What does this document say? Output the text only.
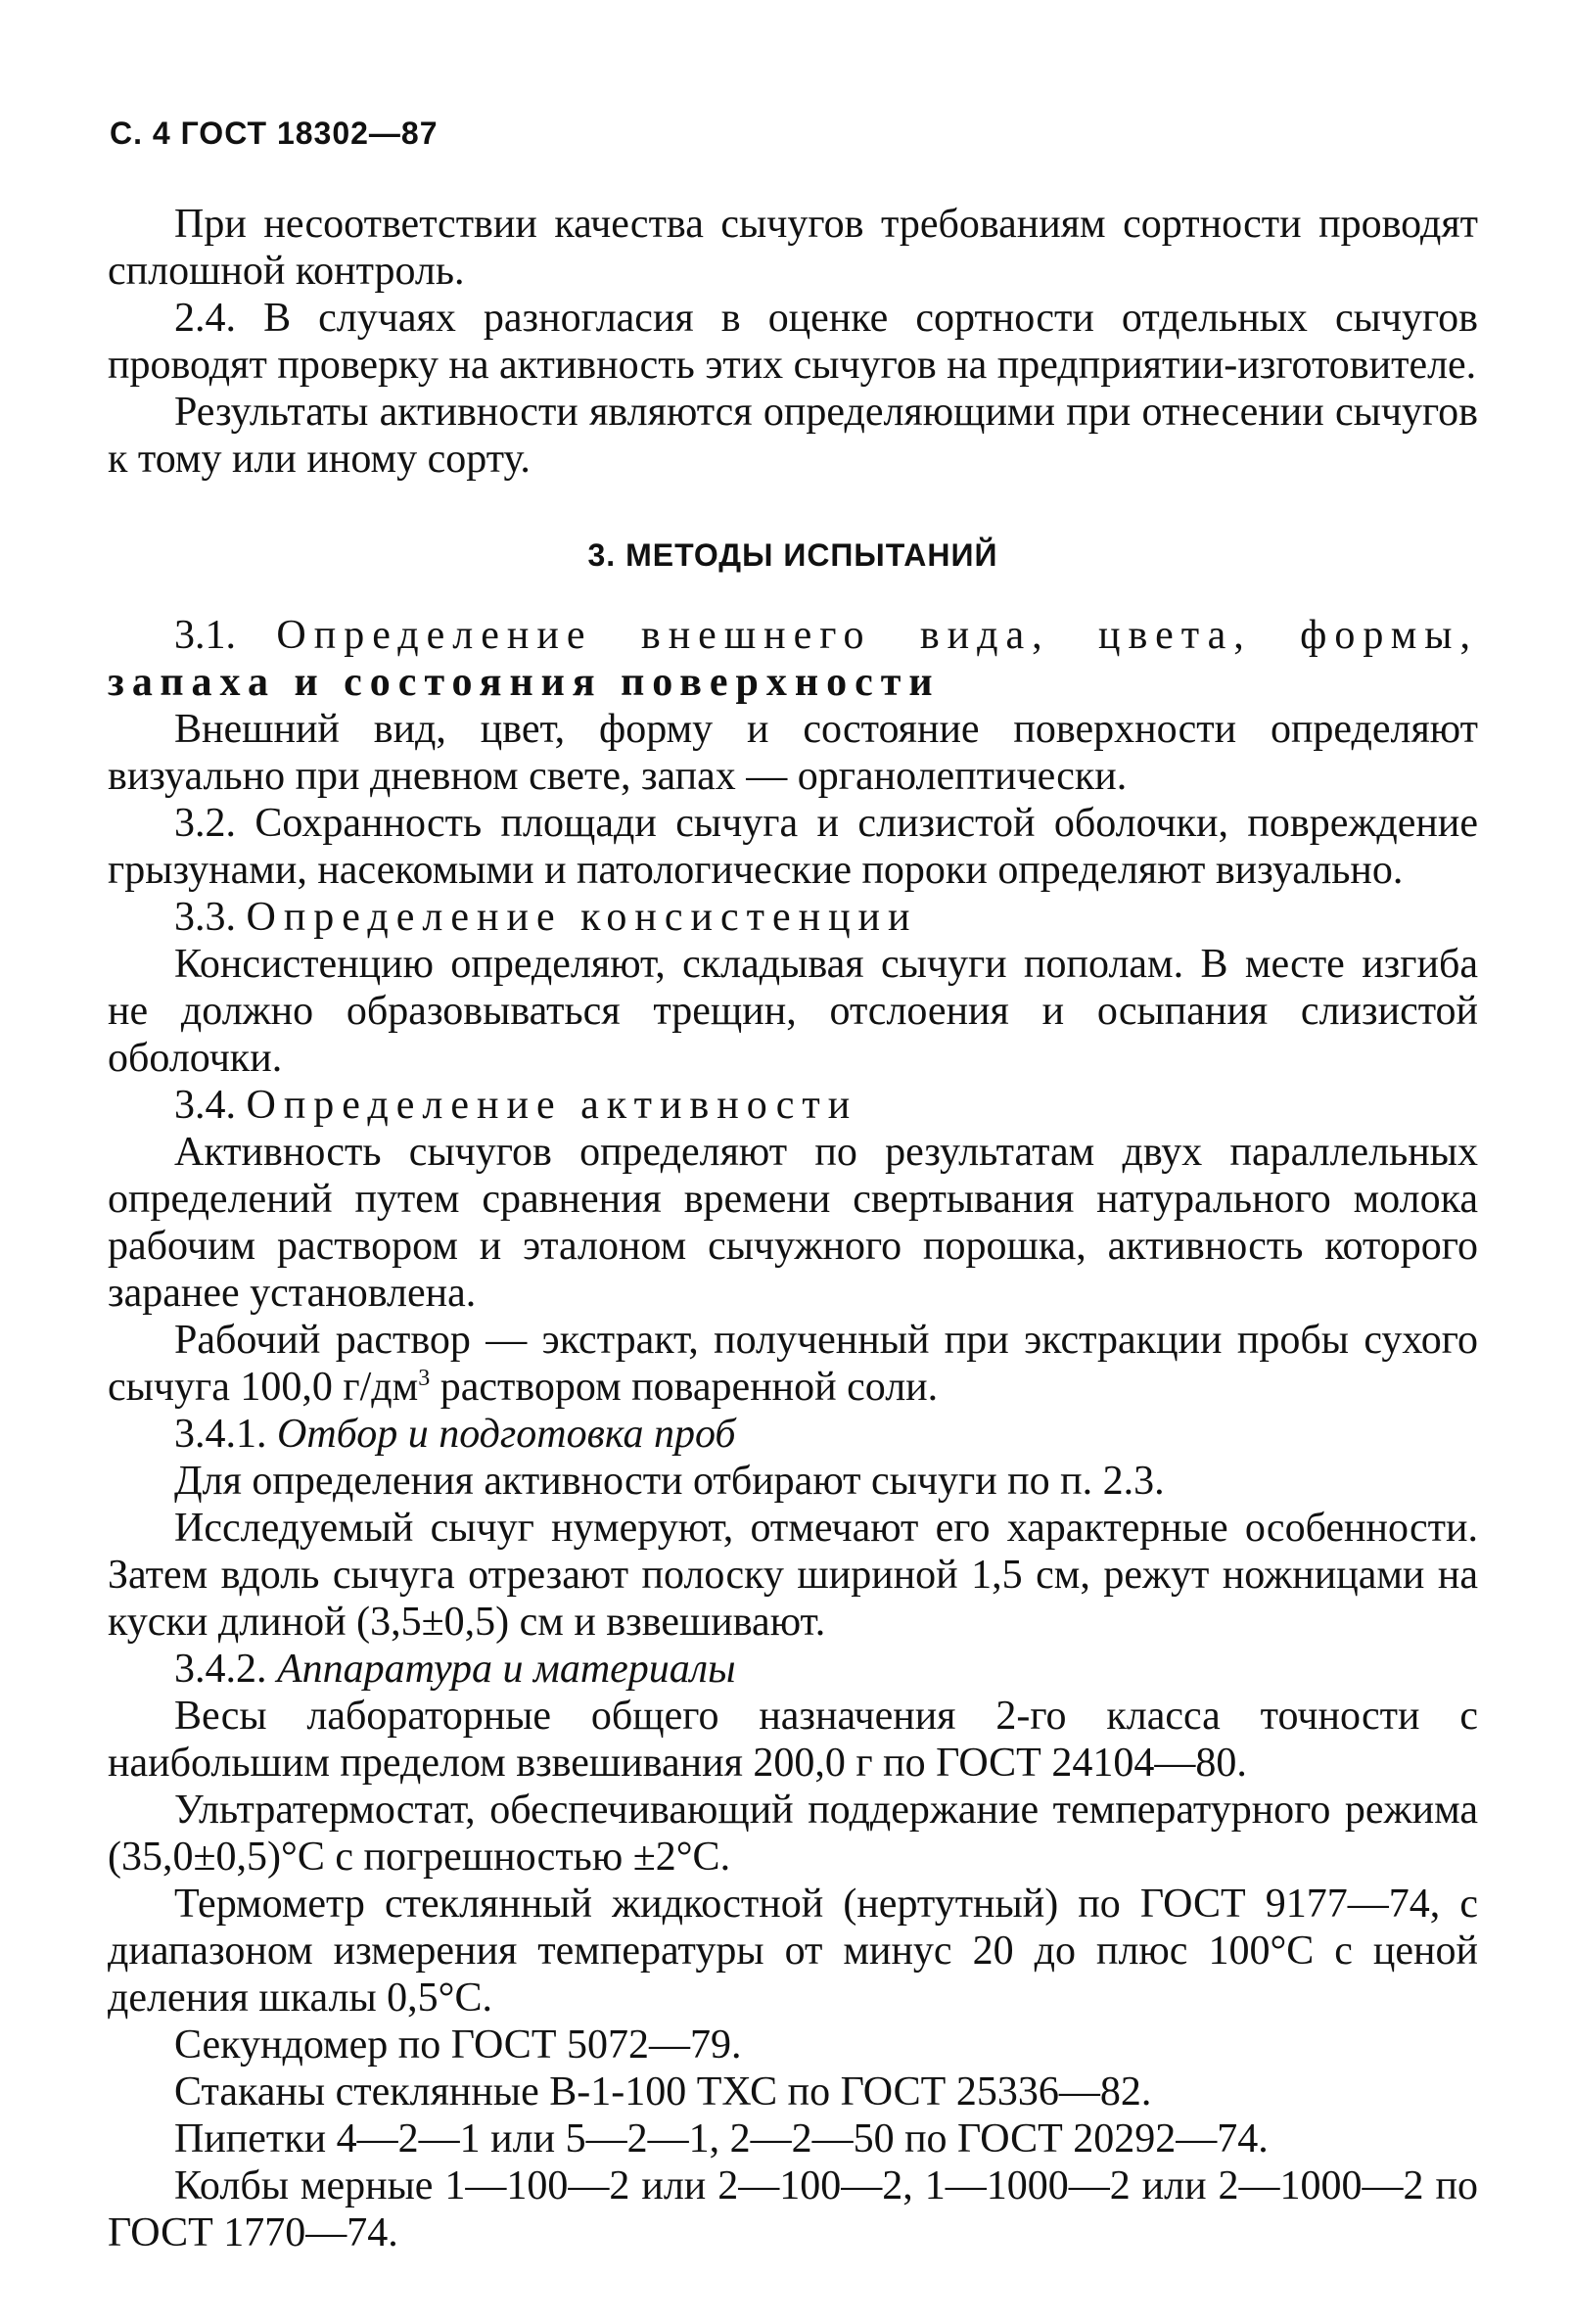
С. 4 ГОСТ 18302—87

При несоответствии качества сычугов требованиям сортности проводят сплошной контроль.

2.4. В случаях разногласия в оценке сортности отдельных сычугов проводят проверку на активность этих сычугов на предприятии-изготовителе.

Результаты активности являются определяющими при отнесении сычугов к тому или иному сорту.

3. МЕТОДЫ ИСПЫТАНИЙ

3.1. Определение внешнего вида, цвета, формы, запаха и состояния поверхности

Внешний вид, цвет, форму и состояние поверхности определяют визуально при дневном свете, запах — органолептически.

3.2. Сохранность площади сычуга и слизистой оболочки, повреждение грызунами, насекомыми и патологические пороки определяют визуально.

3.3. Определение консистенции

Консистенцию определяют, складывая сычуги пополам. В месте изгиба не должно образовываться трещин, отслоения и осыпания слизистой оболочки.

3.4. Определение активности

Активность сычугов определяют по результатам двух параллельных определений путем сравнения времени свертывания натурального молока рабочим раствором и эталоном сычужного порошка, активность которого заранее установлена.

Рабочий раствор — экстракт, полученный при экстракции пробы сухого сычуга 100,0 $г/дм^3$ раствором поваренной соли.

3.4.1. Отбор и подготовка проб

Для определения активности отбирают сычуги по п. 2.3.

Исследуемый сычуг нумеруют, отмечают его характерные особенности. Затем вдоль сычуга отрезают полоску шириной 1,5 см, режут ножницами на куски длиной (3,5±0,5) см и взвешивают.

3.4.2. Аппаратура и материалы

Весы лабораторные общего назначения 2-го класса точности с наибольшим пределом взвешивания 200,0 г по ГОСТ 24104—80.

Ультратермостат, обеспечивающий поддержание температурного режима (35,0±0,5)°С с погрешностью ±2°С.

Термометр стеклянный жидкостной (нертутный) по ГОСТ 9177—74, с диапазоном измерения температуры от минус 20 до плюс 100°С с ценой деления шкалы 0,5°С.

Секундомер по ГОСТ 5072—79.

Стаканы стеклянные В-1-100 ТХС по ГОСТ 25336—82.

Пипетки 4—2—1 или 5—2—1, 2—2—50 по ГОСТ 20292—74.

Колбы мерные 1—100—2 или 2—100—2, 1—1000—2 или 2—1000—2 по ГОСТ 1770—74.
